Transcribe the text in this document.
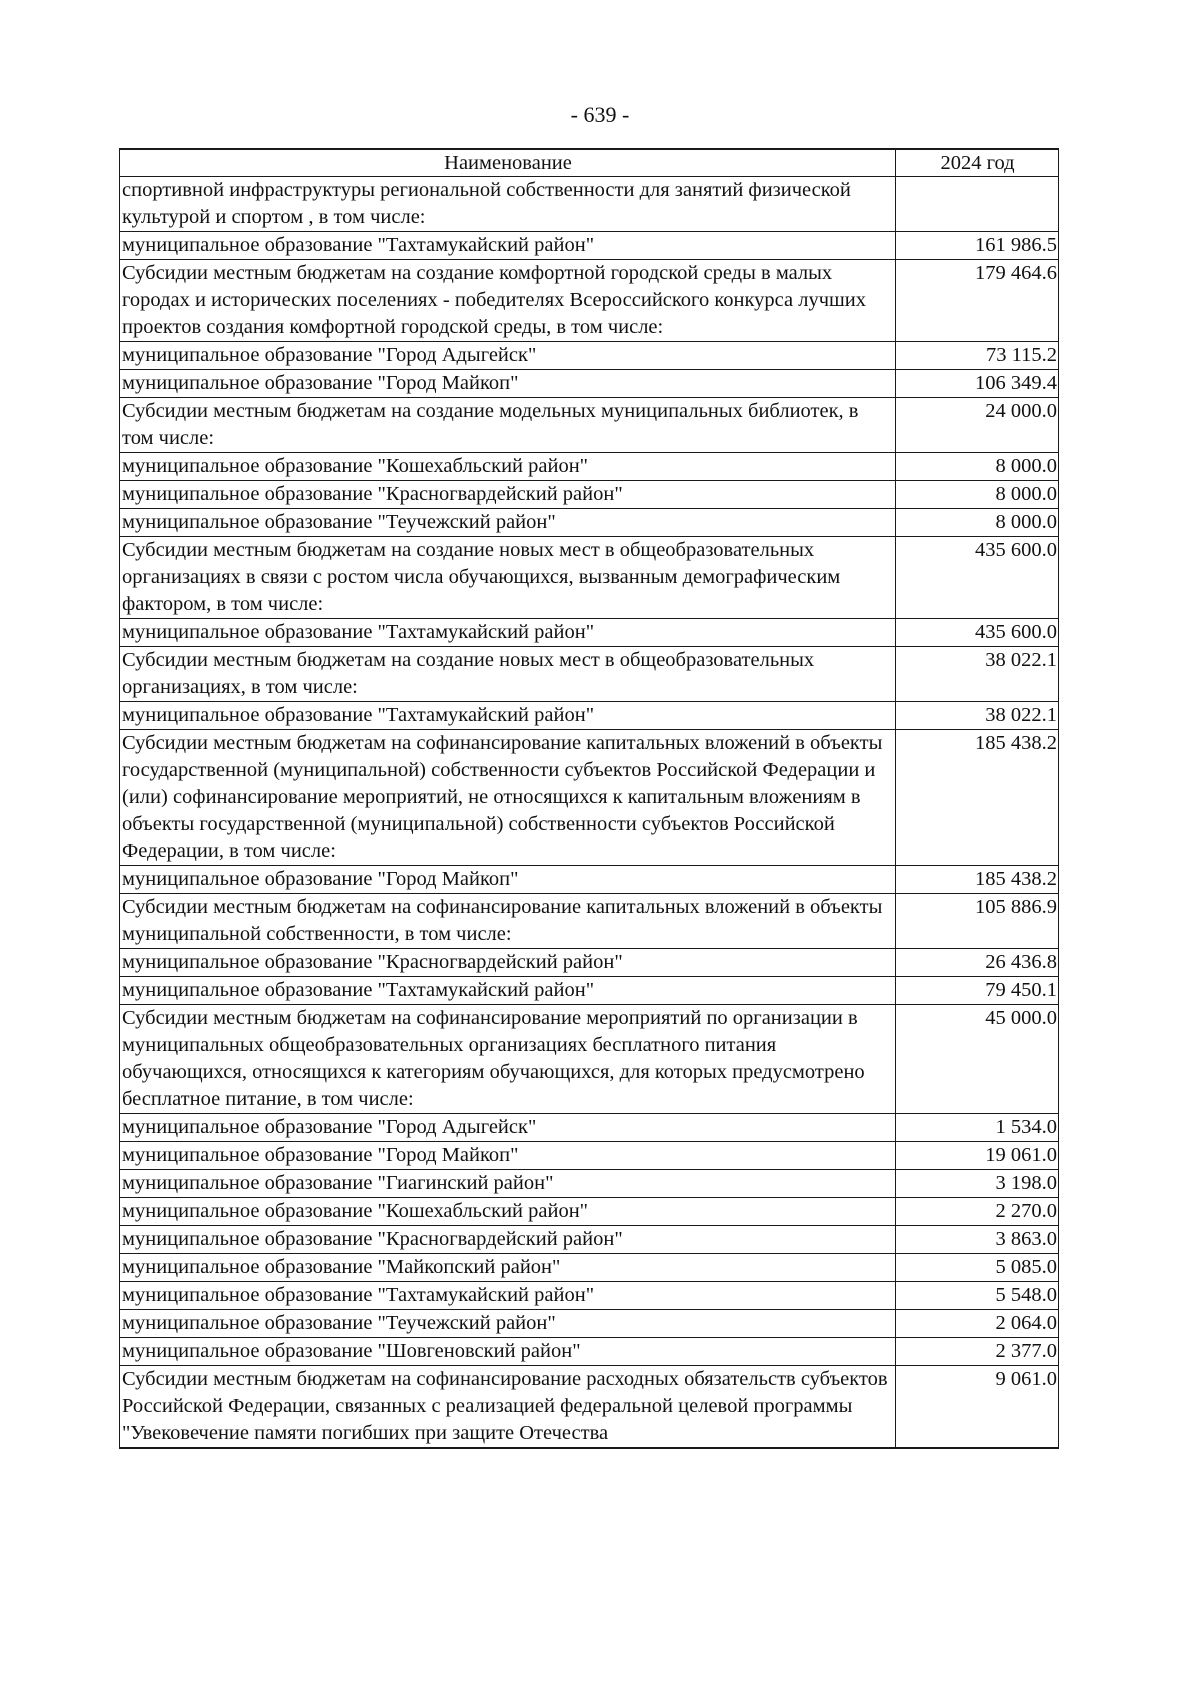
- 639 -
Наименование	2024 год
спортивной инфраструктуры региональной собственности для занятий физической культурой и спортом , в том числе:	
муниципальное образование "Тахтамукайский район"	161 986.5
Субсидии местным бюджетам на создание комфортной городской среды в малых городах и исторических поселениях - победителях Всероссийского конкурса лучших проектов создания комфортной городской среды, в том числе:	179 464.6
муниципальное образование "Город Адыгейск"	73 115.2
муниципальное образование "Город Майкоп"	106 349.4
Субсидии местным бюджетам на создание модельных муниципальных библиотек, в том числе:	24 000.0
муниципальное образование "Кошехабльский район"	8 000.0
муниципальное образование "Красногвардейский район"	8 000.0
муниципальное образование "Теучежский район"	8 000.0
Субсидии местным бюджетам на создание новых мест в общеобразовательных организациях в связи с ростом числа обучающихся, вызванным демографическим фактором, в том числе:	435 600.0
муниципальное образование "Тахтамукайский район"	435 600.0
Субсидии местным бюджетам на создание новых мест в общеобразовательных организациях, в том числе:	38 022.1
муниципальное образование "Тахтамукайский район"	38 022.1
Субсидии местным бюджетам на софинансирование капитальных вложений в объекты государственной (муниципальной) собственности субъектов Российской Федерации и (или) софинансирование мероприятий, не относящихся к капитальным вложениям в объекты государственной (муниципальной) собственности субъектов Российской Федерации, в том числе:	185 438.2
муниципальное образование "Город Майкоп"	185 438.2
Субсидии местным бюджетам на софинансирование капитальных вложений в объекты муниципальной собственности, в том числе:	105 886.9
муниципальное образование "Красногвардейский район"	26 436.8
муниципальное образование "Тахтамукайский район"	79 450.1
Субсидии местным бюджетам на софинансирование мероприятий по организации в муниципальных общеобразовательных организациях бесплатного питания обучающихся, относящихся к категориям обучающихся, для которых предусмотрено бесплатное питание, в том числе:	45 000.0
муниципальное образование "Город Адыгейск"	1 534.0
муниципальное образование "Город Майкоп"	19 061.0
муниципальное образование "Гиагинский район"	3 198.0
муниципальное образование "Кошехабльский район"	2 270.0
муниципальное образование "Красногвардейский район"	3 863.0
муниципальное образование "Майкопский район"	5 085.0
муниципальное образование "Тахтамукайский район"	5 548.0
муниципальное образование "Теучежский район"	2 064.0
муниципальное образование "Шовгеновский район"	2 377.0
Субсидии местным бюджетам на софинансирование расходных обязательств субъектов Российской Федерации, связанных с реализацией федеральной целевой программы "Увековечение памяти погибших при защите Отечества	9 061.0
